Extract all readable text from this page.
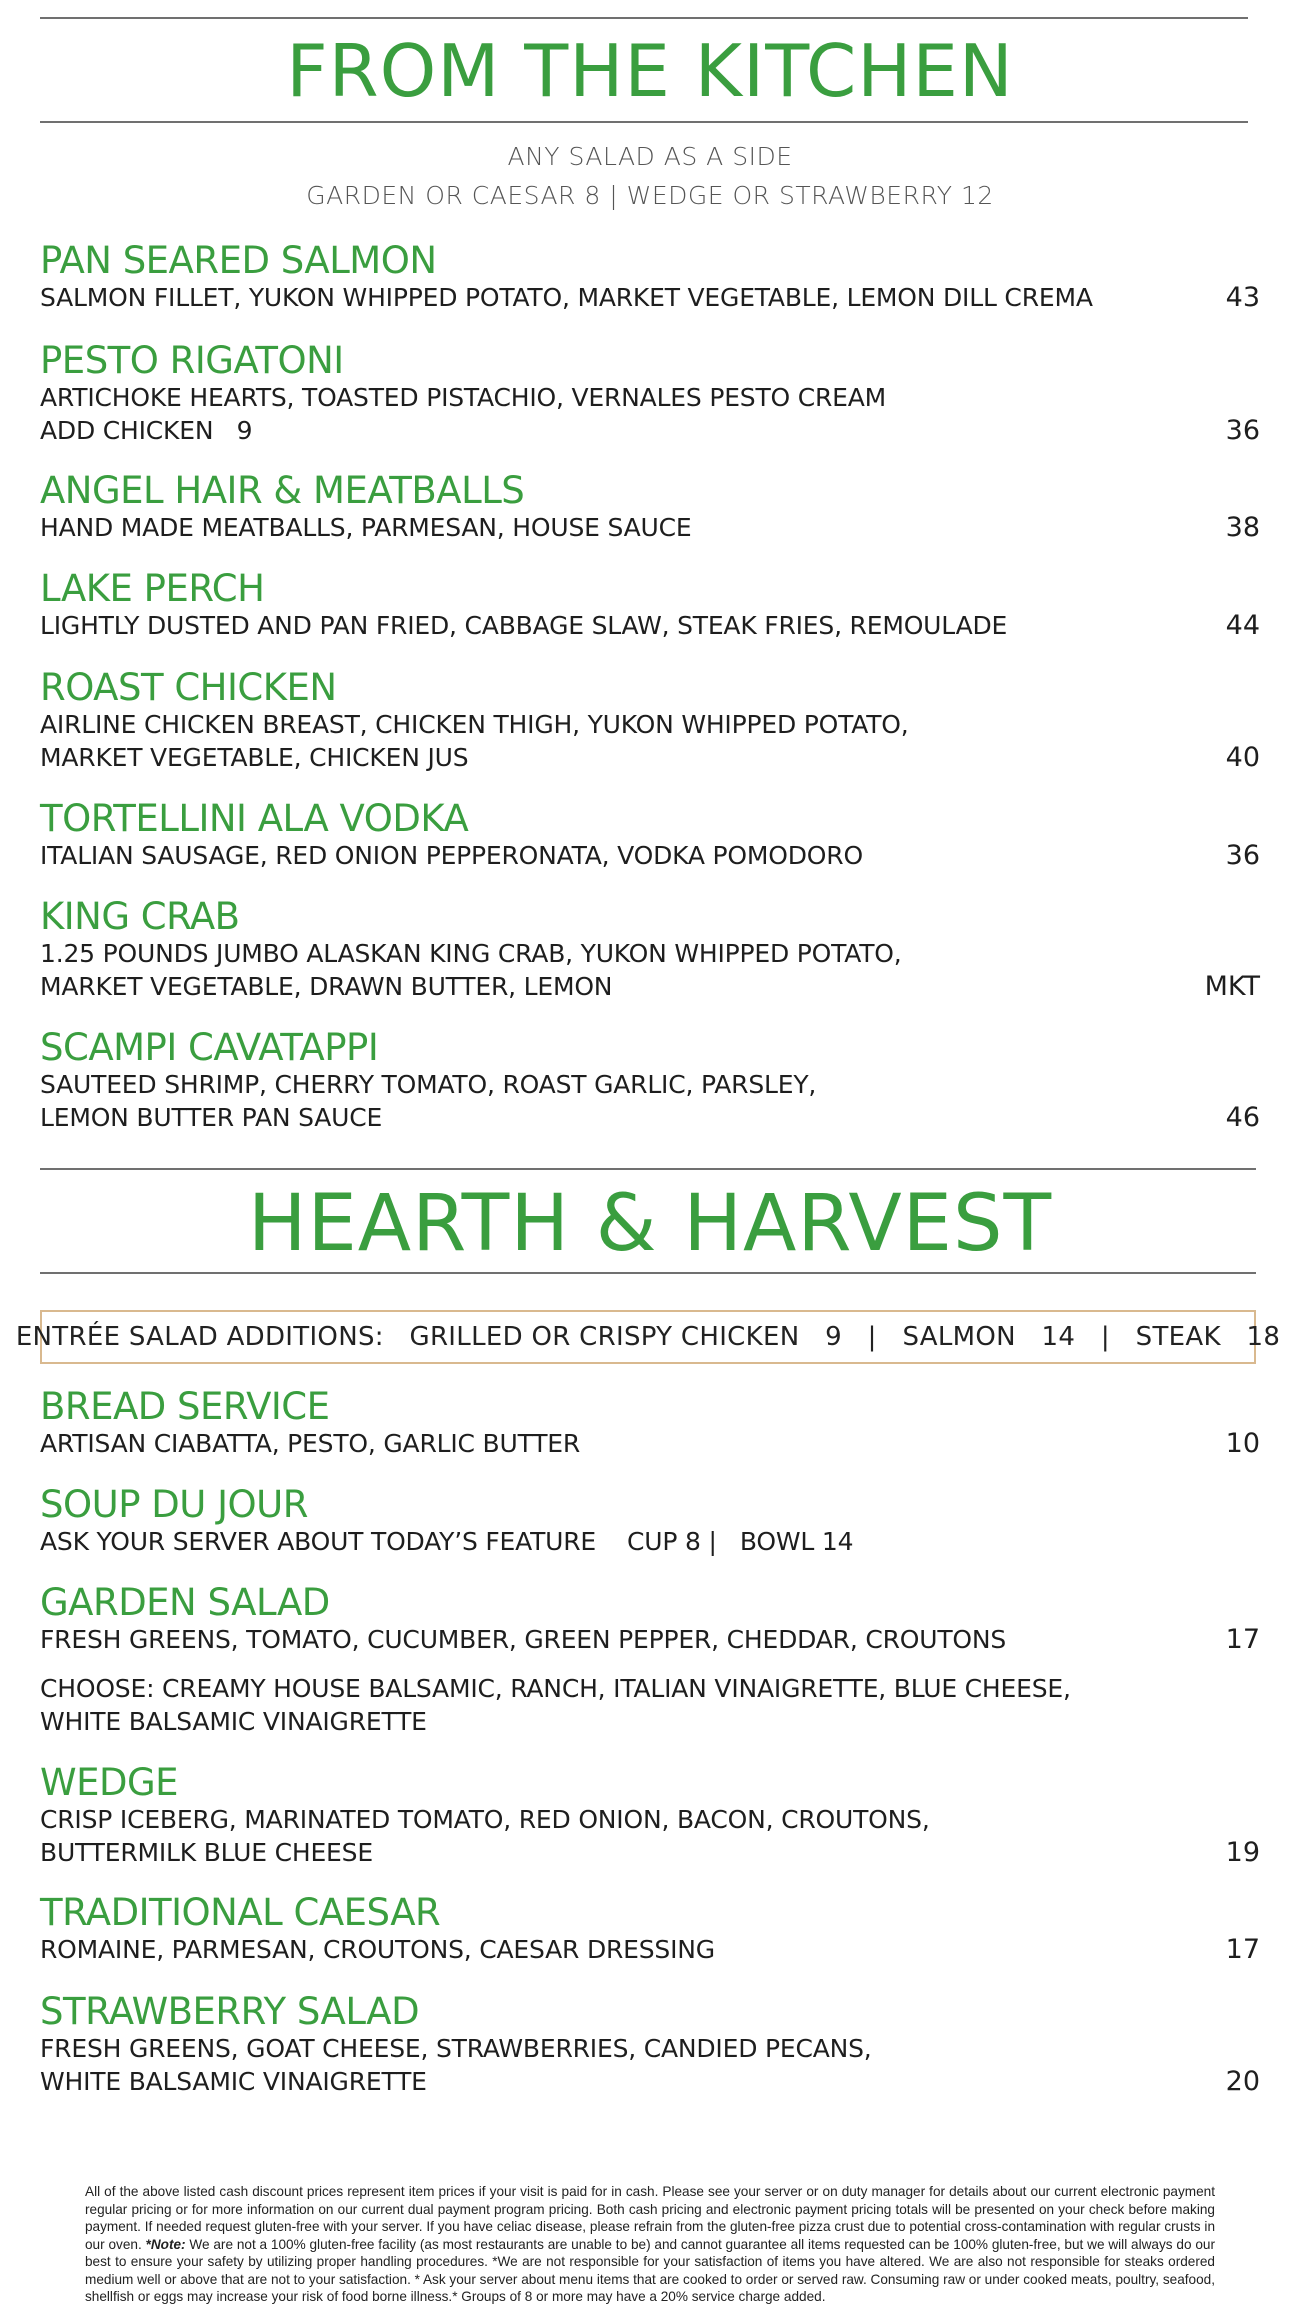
FROM THE KITCHEN
ANY SALAD AS A SIDE
GARDEN OR CAESAR 8 | WEDGE OR STRAWBERRY 12
PAN SEARED SALMON
SALMON FILLET, YUKON WHIPPED POTATO, MARKET VEGETABLE, LEMON DILL CREMA	43
PESTO RIGATONI
ARTICHOKE HEARTS, TOASTED PISTACHIO, VERNALES PESTO CREAM
ADD CHICKEN   9	36
ANGEL HAIR & MEATBALLS
HAND MADE MEATBALLS, PARMESAN, HOUSE SAUCE	38
LAKE PERCH
LIGHTLY DUSTED AND PAN FRIED, CABBAGE SLAW, STEAK FRIES, REMOULADE	44
ROAST CHICKEN
AIRLINE CHICKEN BREAST, CHICKEN THIGH, YUKON WHIPPED POTATO,
MARKET VEGETABLE, CHICKEN JUS	40
TORTELLINI ALA VODKA
ITALIAN SAUSAGE, RED ONION PEPPERONATA, VODKA POMODORO	36
KING CRAB
1.25 POUNDS JUMBO ALASKAN KING CRAB, YUKON WHIPPED POTATO,
MARKET VEGETABLE, DRAWN BUTTER, LEMON	MKT
SCAMPI CAVATAPPI
SAUTEED SHRIMP, CHERRY TOMATO, ROAST GARLIC, PARSLEY,
LEMON BUTTER PAN SAUCE	46
HEARTH & HARVEST
ENTRÉE SALAD ADDITIONS:   GRILLED OR CRISPY CHICKEN   9   |   SALMON   14   |   STEAK   18
BREAD SERVICE
ARTISAN CIABATTA, PESTO, GARLIC BUTTER	10
SOUP DU JOUR
ASK YOUR SERVER ABOUT TODAY’S FEATURE    CUP 8 |   BOWL 14
GARDEN SALAD
FRESH GREENS, TOMATO, CUCUMBER, GREEN PEPPER, CHEDDAR, CROUTONS	17
CHOOSE: CREAMY HOUSE BALSAMIC, RANCH, ITALIAN VINAIGRETTE, BLUE CHEESE,
WHITE BALSAMIC VINAIGRETTE
WEDGE
CRISP ICEBERG, MARINATED TOMATO, RED ONION, BACON, CROUTONS,
BUTTERMILK BLUE CHEESE	19
TRADITIONAL CAESAR
ROMAINE, PARMESAN, CROUTONS, CAESAR DRESSING	17
STRAWBERRY SALAD
FRESH GREENS, GOAT CHEESE, STRAWBERRIES, CANDIED PECANS,
WHITE BALSAMIC VINAIGRETTE	20
All of the above listed cash discount prices represent item prices if your visit is paid for in cash. Please see your server or on duty manager for details about our current electronic payment regular pricing or for more information on our current dual payment program pricing. Both cash pricing and electronic payment pricing totals will be presented on your check before making payment. If needed request gluten-free with your server. If you have celiac disease, please refrain from the gluten-free pizza crust due to potential cross-contamination with regular crusts in our oven. *Note: We are not a 100% gluten-free facility (as most restaurants are unable to be) and cannot guarantee all items requested can be 100% gluten-free, but we will always do our best to ensure your safety by utilizing proper handling procedures. *We are not responsible for your satisfaction of items you have altered. We are also not responsible for steaks ordered medium well or above that are not to your satisfaction. * Ask your server about menu items that are cooked to order or served raw. Consuming raw or under cooked meats, poultry, seafood, shellfish or eggs may increase your risk of food borne illness.* Groups of 8 or more may have a 20% service charge added.
